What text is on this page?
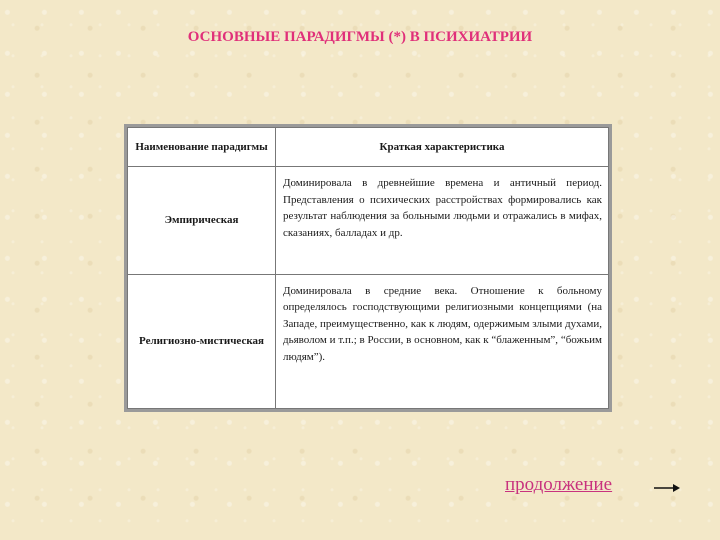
ОСНОВНЫЕ ПАРАДИГМЫ (*) В ПСИХИАТРИИ
Наименование парадигмы	Краткая характеристика
Эмпирическая	Доминировала в древнейшие времена и античный период. Представления о психических расстройствах формировались как результат наблюдения за больными людьми и отражались в мифах, сказаниях, балладах и др.

Религиозно-мистическая	Доминировала в средние века. Отношение к больному определялось господствующими религиозными концепциями (на Западе, преимущественно, как к людям, одержимым злыми духами, дьяволом и т.п.; в России, в основном, как к “блаженным”, “божьим людям”).
продолжение
